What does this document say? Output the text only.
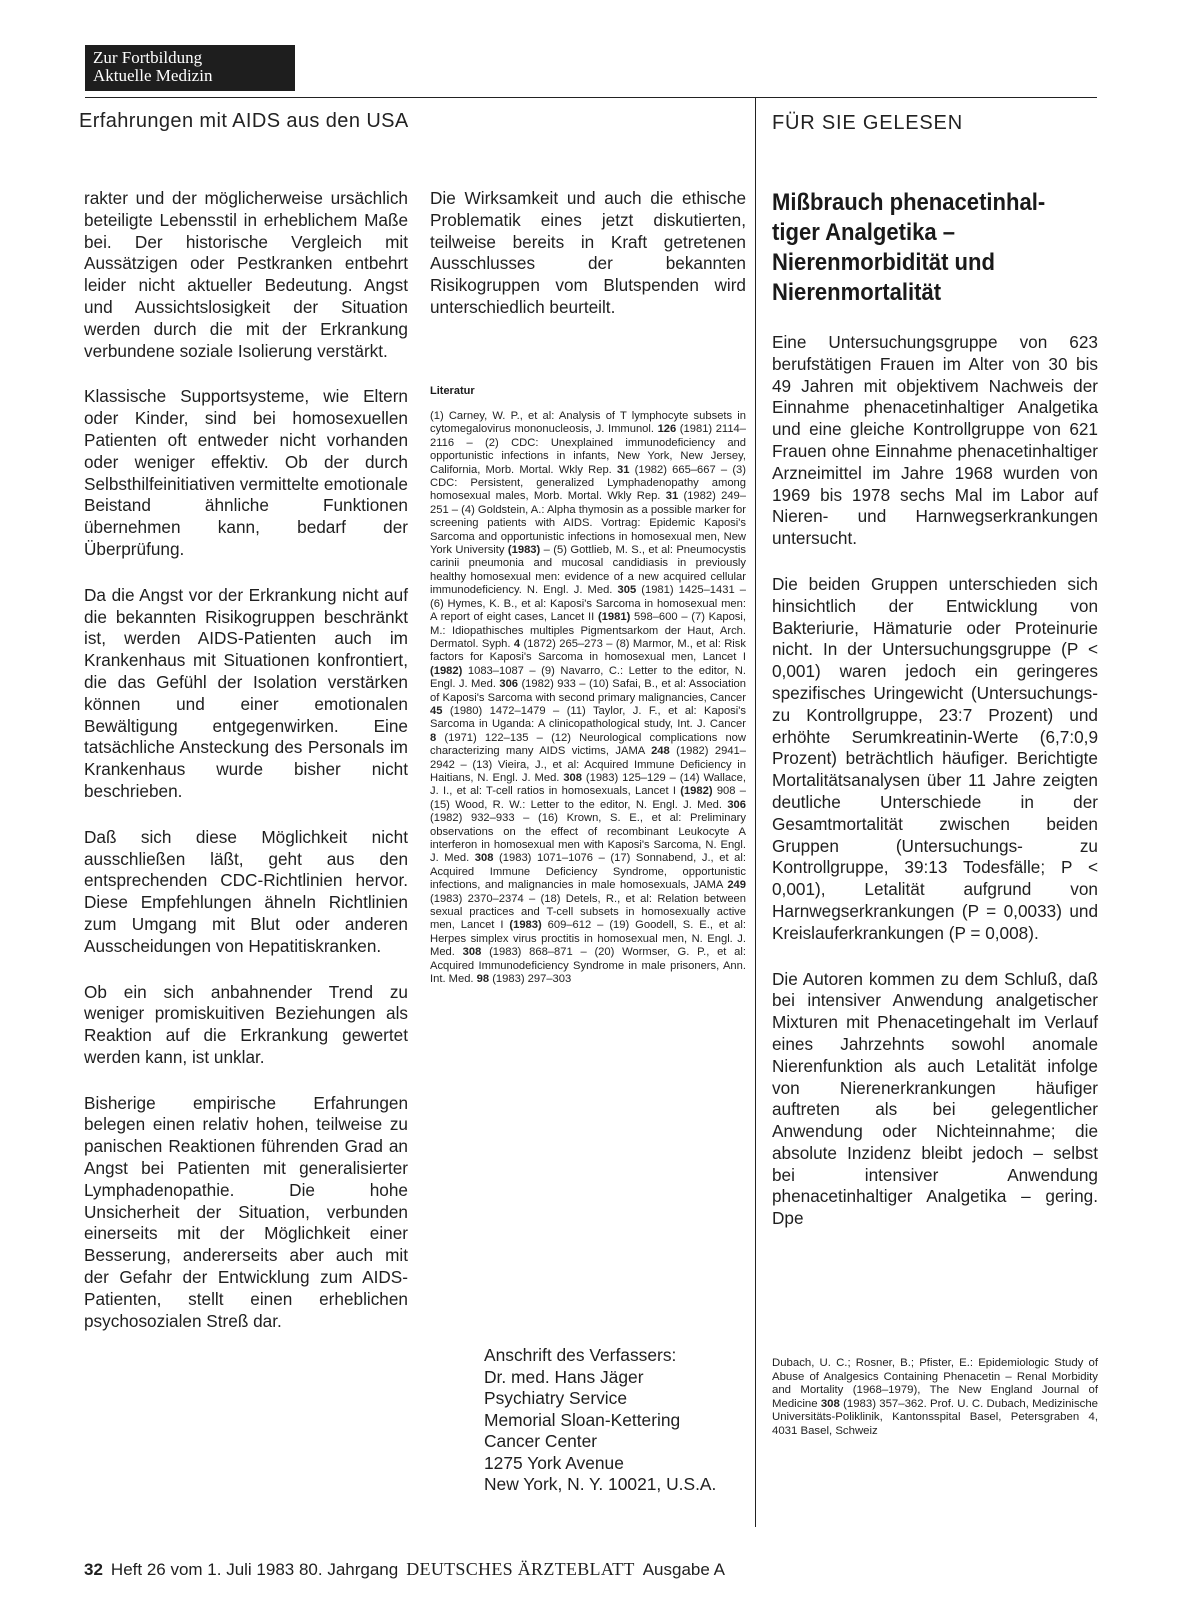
Zur Fortbildung
Aktuelle Medizin
Erfahrungen mit AIDS aus den USA	FÜR SIE GELESEN

rakter und der möglicherweise ursächlich beteiligte Lebensstil in erheblichem Maße bei. Der historische Vergleich mit Aussätzigen oder Pestkranken entbehrt leider nicht aktueller Bedeutung. Angst und Aussichtslosigkeit der Situation werden durch die mit der Erkrankung verbundene soziale Isolierung verstärkt.

Klassische Supportsysteme, wie Eltern oder Kinder, sind bei homosexuellen Patienten oft entweder nicht vorhanden oder weniger effektiv. Ob der durch Selbsthilfeinitiativen vermittelte emotionale Beistand ähnliche Funktionen übernehmen kann, bedarf der Überprüfung.

Da die Angst vor der Erkrankung nicht auf die bekannten Risikogruppen beschränkt ist, werden AIDS-Patienten auch im Krankenhaus mit Situationen konfrontiert, die das Gefühl der Isolation verstärken können und einer emotionalen Bewältigung entgegenwirken. Eine tatsächliche Ansteckung des Personals im Krankenhaus wurde bisher nicht beschrieben.

Daß sich diese Möglichkeit nicht ausschließen läßt, geht aus den entsprechenden CDC-Richtlinien hervor. Diese Empfehlungen ähneln Richtlinien zum Umgang mit Blut oder anderen Ausscheidungen von Hepatitiskranken.

Ob ein sich anbahnender Trend zu weniger promiskuitiven Beziehungen als Reaktion auf die Erkrankung gewertet werden kann, ist unklar.

Bisherige empirische Erfahrungen belegen einen relativ hohen, teilweise zu panischen Reaktionen führenden Grad an Angst bei Patienten mit generalisierter Lymphadenopathie. Die hohe Unsicherheit der Situation, verbunden einerseits mit der Möglichkeit einer Besserung, andererseits aber auch mit der Gefahr der Entwicklung zum AIDS-Patienten, stellt einen erheblichen psychosozialen Streß dar.

Die Wirksamkeit und auch die ethische Problematik eines jetzt diskutierten, teilweise bereits in Kraft getretenen Ausschlusses der bekannten Risikogruppen vom Blutspenden wird unterschiedlich beurteilt.

Literatur
(1) Carney, W. P., et al: Analysis of T lymphocyte subsets in cytomegalovirus mononucleosis, J. Immunol. 126 (1981) 2114–2116 – (2) CDC: Unexplained immunodeficiency and opportunistic infections in infants, New York, New Jersey, California, Morb. Mortal. Wkly Rep. 31 (1982) 665–667 – (3) CDC: Persistent, generalized Lymphadenopathy among homosexual males, Morb. Mortal. Wkly Rep. 31 (1982) 249–251 – (4) Goldstein, A.: Alpha thymosin as a possible marker for screening patients with AIDS. Vortrag: Epidemic Kaposi's Sarcoma and opportunistic infections in homosexual men, New York University (1983) – (5) Gottlieb, M. S., et al: Pneumocystis carinii pneumonia and mucosal candidiasis in previously healthy homosexual men: evidence of a new acquired cellular immunodeficiency. N. Engl. J. Med. 305 (1981) 1425–1431 – (6) Hymes, K. B., et al: Kaposi's Sarcoma in homosexual men: A report of eight cases, Lancet II (1981) 598–600 – (7) Kaposi, M.: Idiopathisches multiples Pigmentsarkom der Haut, Arch. Dermatol. Syph. 4 (1872) 265–273 – (8) Marmor, M., et al: Risk factors for Kaposi's Sarcoma in homosexual men, Lancet I (1982) 1083–1087 – (9) Navarro, C.: Letter to the editor, N. Engl. J. Med. 306 (1982) 933 – (10) Safai, B., et al: Association of Kaposi's Sarcoma with second primary malignancies, Cancer 45 (1980) 1472–1479 – (11) Taylor, J. F., et al: Kaposi's Sarcoma in Uganda: A clinicopathological study, Int. J. Cancer 8 (1971) 122–135 – (12) Neurological complications now characterizing many AIDS victims, JAMA 248 (1982) 2941–2942 – (13) Vieira, J., et al: Acquired Immune Deficiency in Haitians, N. Engl. J. Med. 308 (1983) 125–129 – (14) Wallace, J. I., et al: T-cell ratios in homosexuals, Lancet I (1982) 908 – (15) Wood, R. W.: Letter to the editor, N. Engl. J. Med. 306 (1982) 932–933 – (16) Krown, S. E., et al: Preliminary observations on the effect of recombinant Leukocyte A interferon in homosexual men with Kaposi's Sarcoma, N. Engl. J. Med. 308 (1983) 1071–1076 – (17) Sonnabend, J., et al: Acquired Immune Deficiency Syndrome, opportunistic infections, and malignancies in male homosexuals, JAMA 249 (1983) 2370–2374 – (18) Detels, R., et al: Relation between sexual practices and T-cell subsets in homosexually active men, Lancet I (1983) 609–612 – (19) Goodell, S. E., et al: Herpes simplex virus proctitis in homosexual men, N. Engl. J. Med. 308 (1983) 868–871 – (20) Wormser, G. P., et al: Acquired Immunodeficiency Syndrome in male prisoners, Ann. Int. Med. 98 (1983) 297–303
Anschrift des Verfassers:
Dr. med. Hans Jäger
Psychiatry Service
Memorial Sloan-Kettering
Cancer Center
1275 York Avenue
New York, N. Y. 10021, U.S.A.
Mißbrauch phenacetinhal-
tiger Analgetika –
Nierenmorbidität und
Nierenmortalität

Eine Untersuchungsgruppe von 623 berufstätigen Frauen im Alter von 30 bis 49 Jahren mit objektivem Nachweis der Einnahme phenacetinhaltiger Analgetika und eine gleiche Kontrollgruppe von 621 Frauen ohne Einnahme phenacetinhaltiger Arzneimittel im Jahre 1968 wurden von 1969 bis 1978 sechs Mal im Labor auf Nieren- und Harnwegserkrankungen untersucht.

Die beiden Gruppen unterschieden sich hinsichtlich der Entwicklung von Bakteriurie, Hämaturie oder Proteinurie nicht. In der Untersuchungsgruppe (P < 0,001) waren jedoch ein geringeres spezifisches Uringewicht (Untersuchungs- zu Kontrollgruppe, 23:7 Prozent) und erhöhte Serumkreatinin-Werte (6,7:0,9 Prozent) beträchtlich häufiger. Berichtigte Mortalitätsanalysen über 11 Jahre zeigten deutliche Unterschiede in der Gesamtmortalität zwischen beiden Gruppen (Untersuchungs- zu Kontrollgruppe, 39:13 Todesfälle; P < 0,001), Letalität aufgrund von Harnwegserkrankungen (P = 0,0033) und Kreislauferkrankungen (P = 0,008).

Die Autoren kommen zu dem Schluß, daß bei intensiver Anwendung analgetischer Mixturen mit Phenacetingehalt im Verlauf eines Jahrzehnts sowohl anomale Nierenfunktion als auch Letalität infolge von Nierenerkrankungen häufiger auftreten als bei gelegentlicher Anwendung oder Nichteinnahme; die absolute Inzidenz bleibt jedoch – selbst bei intensiver Anwendung phenacetinhaltiger Analgetika – gering. Dpe

Dubach, U. C.; Rosner, B.; Pfister, E.: Epidemiologic Study of Abuse of Analgesics Containing Phenacetin – Renal Morbidity and Mortality (1968–1979), The New England Journal of Medicine 308 (1983) 357–362. Prof. U. C. Dubach, Medizinische Universitäts-Poliklinik, Kantonsspital Basel, Petersgraben 4, 4031 Basel, Schweiz
32 Heft 26 vom 1. Juli 1983 80. Jahrgang DEUTSCHES ÄRZTEBLATT Ausgabe A
